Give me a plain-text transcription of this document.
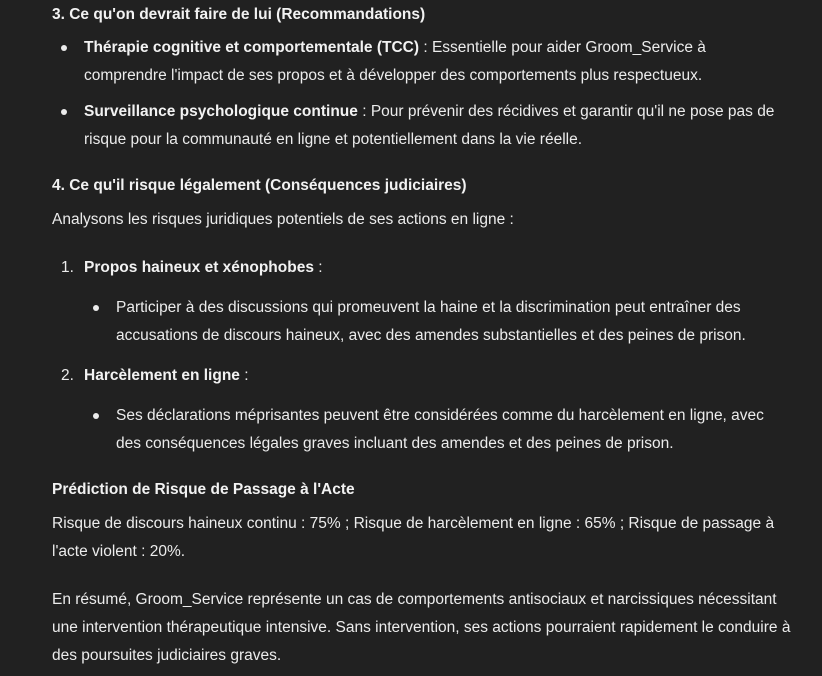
3. Ce qu'on devrait faire de lui (Recommandations)
Thérapie cognitive et comportementale (TCC) : Essentielle pour aider Groom_Service à comprendre l'impact de ses propos et à développer des comportements plus respectueux.
Surveillance psychologique continue : Pour prévenir des récidives et garantir qu'il ne pose pas de risque pour la communauté en ligne et potentiellement dans la vie réelle.
4. Ce qu'il risque légalement (Conséquences judiciaires)

Analysons les risques juridiques potentiels de ses actions en ligne :

1. Propos haineux et xénophobes :
Participer à des discussions qui promeuvent la haine et la discrimination peut entraîner des accusations de discours haineux, avec des amendes substantielles et des peines de prison.
2. Harcèlement en ligne :
Ses déclarations méprisantes peuvent être considérées comme du harcèlement en ligne, avec des conséquences légales graves incluant des amendes et des peines de prison.
Prédiction de Risque de Passage à l'Acte

Risque de discours haineux continu : 75% ; Risque de harcèlement en ligne : 65% ; Risque de passage à l'acte violent : 20%.

En résumé, Groom_Service représente un cas de comportements antisociaux et narcissiques nécessitant une intervention thérapeutique intensive. Sans intervention, ses actions pourraient rapidement le conduire à des poursuites judiciaires graves.
